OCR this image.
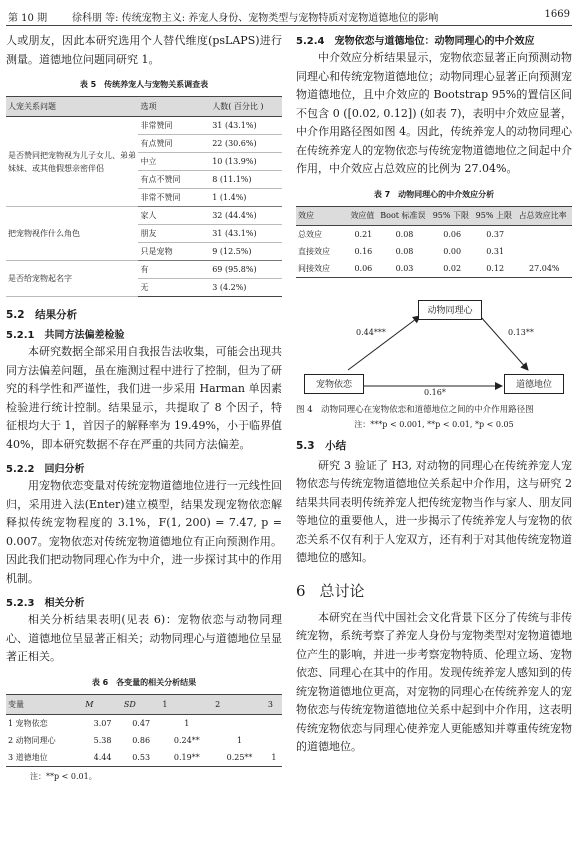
第 10 期 徐科朋 等: 传统宠物主义: 养宠人身份、宠物类型与宠物特质对宠物道德地位的影响	1669

人或朋友，因此本研究选用个人替代维度(psLAPS)进行测量。道德地位问题同研究 1。

表 5　传统养宠人与宠物关系调查表
人宠关系问题	选项	人数( 百分比 )
是否赞同把宠物视为儿子女儿、弟弟妹妹、或其他假想亲密伴侣	非常赞同	31 (43.1%)
	有点赞同	22 (30.6%)
	中立	10 (13.9%)
	有点不赞同	8 (11.1%)
	非常不赞同	1 (1.4%)
把宠物视作什么角色	家人	32 (44.4%)
	朋友	31 (43.1%)
	只是宠物	9 (12.5%)
是否给宠物起名字	有	69 (95.8%)
	无	3 (4.2%)
5.2　结果分析
5.2.1　共同方法偏差检验

本研究数据全部采用自我报告法收集，可能会出现共同方法偏差问题，虽在施测过程中进行了控制，但为了研究的科学性和严谨性，我们进一步采用 Harman 单因素检验进行统计控制。结果显示，共提取了 8 个因子，特征根均大于 1，首因子的解释率为 19.49%，小于临界值 40%，即本研究数据不存在严重的共同方法偏差。

5.2.2　回归分析

用宠物依恋变量对传统宠物道德地位进行一元线性回归，采用进入法(Enter)建立模型，结果发现宠物依恋解释拟传统宠物程度的 3.1%，F(1, 200) = 7.47, p = 0.007。宠物依恋对传统宠物道德地位有正向预测作用。因此我们把动物同理心作为中介，进一步探讨其中的作用机制。

5.2.3　相关分析

相关分析结果表明(见表 6)：宠物依恋与动物同理心、道德地位呈显著正相关；动物同理心与道德地位呈显著正相关。

表 6　各变量的相关分析结果
变量	M	SD	1	2	3
1 宠物依恋	3.07	0.47	1		
2 动物同理心	5.38	0.86	0.24**	1	
3 道德地位	4.44	0.53	0.19**	0.25**	1
注：**p < 0.01。
5.2.4　宠物依恋与道德地位：动物同理心的中介效应

中介效应分析结果显示，宠物依恋显著正向预测动物同理心和传统宠物道德地位；动物同理心显著正向预测宠物道德地位，且中介效应的 Bootstrap 95%的置信区间不包含 0 ([0.02, 0.12]) (如表 7)，表明中介效应显著，中介作用路径图如图 4。因此，传统养宠人的动物同理心在传统养宠人的宠物依恋与传统宠物道德地位之间起中介作用，中介效应占总效应的比例为 27.04%。

表 7　动物同理心的中介效应分析
效应	效应值	Boot 标准误	95% 下限	95% 上限	占总效应比率
总效应	0.21	0.08	0.06	0.37	
直接效应	0.16	0.08	0.00	0.31	
间接效应	0.06	0.03	0.02	0.12	27.04%
动物同理心
宠物依恋	道德地位
0.44***	0.13**
0.16*
图 4　动物同理心在宠物依恋和道德地位之间的中介作用路径图
注：***p < 0.001, **p < 0.01, *p < 0.05
5.3　小结

研究 3 验证了 H3, 对动物的同理心在传统养宠人宠物依恋与传统宠物道德地位关系起中介作用，这与研究 2 结果共同表明传统养宠人把传统宠物当作与家人、朋友同等地位的重要他人，进一步揭示了传统养宠人与宠物的依恋关系不仅有利于人宠双方，还有利于对其他传统宠物道德地位的感知。

6 总讨论

本研究在当代中国社会文化背景下区分了传统与非传统宠物，系统考察了养宠人身份与宠物类型对宠物道德地位产生的影响，并进一步考察宠物特质、伦理立场、宠物依恋、同理心在其中的作用。发现传统养宠人感知到的传统宠物道德地位更高，对宠物的同理心在传统养宠人的宠物依恋与传统宠物道德地位关系中起到中介作用，这表明传统宠物依恋与同理心使养宠人更能感知并尊重传统宠物的道德地位。
